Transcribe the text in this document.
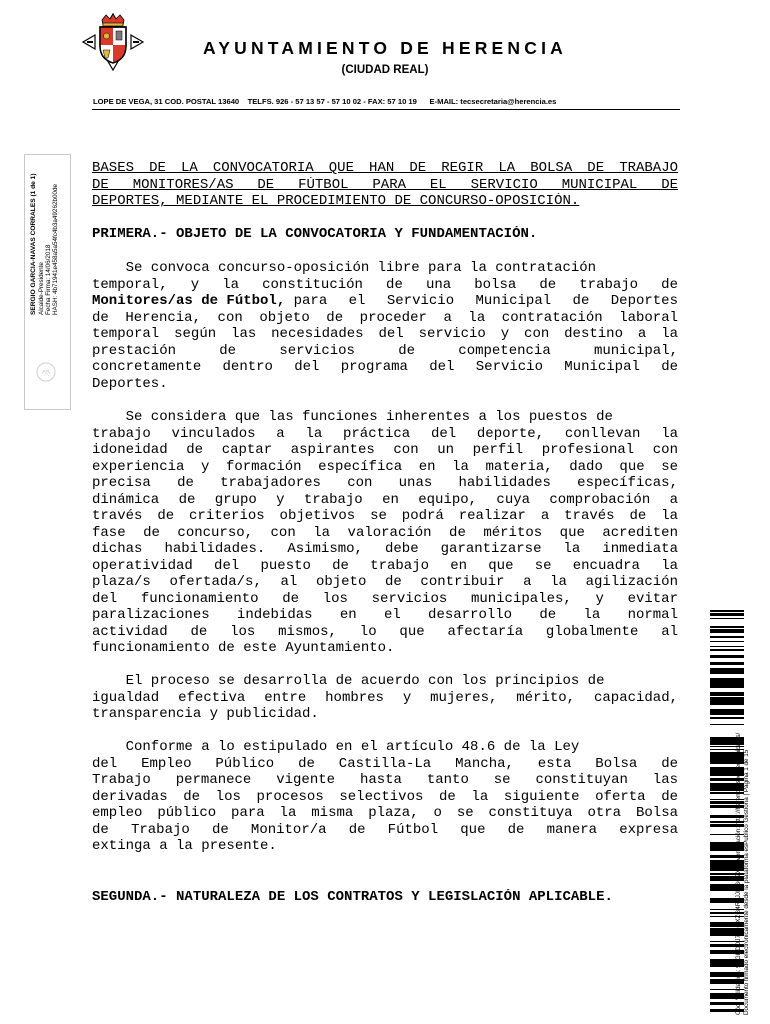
AYUNTAMIENTO DE HERENCIA
(CIUDAD REAL)
LOPE DE VEGA, 31 COD. POSTAL 13640    TELFS. 926 - 57 13 57 - 57 10 02 - FAX: 57 10 19      E-MAIL: tecsecretaria@herencia.es
SERGIO GARCIA-NAVAS CORRALES (1 de 1) Alcalde-Presidente Fecha Firma: 14/06/2018 HASH: 4b71941e458a5a54fc4b3a49262b00de
Cód. Validación: 9KGHDDJ7ZLGXZG4R9JJMGG7XJ | Verificación: http://herencia.sedelectronica.es/ Documento firmado electrónicamente desde la plataforma esPublico Gestiona | Página 1 de 15
BASES DE LA CONVOCATORIA QUE HAN DE REGIR LA BOLSA DE TRABAJO
DE MONITORES/AS DE FÚTBOL PARA EL SERVICIO MUNICIPAL DE
DEPORTES, MEDIANTE EL PROCEDIMIENTO DE CONCURSO-OPOSICIÓN.
PRIMERA.- OBJETO DE LA CONVOCATORIA Y FUNDAMENTACIÓN.
Se convoca concurso-oposición libre para la contratación
temporal, y la constitución de una bolsa de trabajo de
Monitores/as de Fútbol, para el Servicio Municipal de Deportes
de Herencia, con objeto de proceder a la contratación laboral
temporal según las necesidades del servicio y con destino a la
prestación de servicios de competencia municipal,
concretamente dentro del programa del Servicio Municipal de
Deportes.
Se considera que las funciones inherentes a los puestos de
trabajo vinculados a la práctica del deporte, conllevan la
idoneidad de captar aspirantes con un perfil profesional con
experiencia y formación específica en la materia, dado que se
precisa de trabajadores con unas habilidades específicas,
dinámica de grupo y trabajo en equipo, cuya comprobación a
través de criterios objetivos se podrá realizar a través de la
fase de concurso, con la valoración de méritos que acrediten
dichas habilidades. Asimismo, debe garantizarse la inmediata
operatividad del puesto de trabajo en que se encuadra la
plaza/s ofertada/s, al objeto de contribuir a la agilización
del funcionamiento de los servicios municipales, y evitar
paralizaciones indebidas en el desarrollo de la normal
actividad de los mismos, lo que afectaría globalmente al
funcionamiento de este Ayuntamiento.
El proceso se desarrolla de acuerdo con los principios de
igualdad efectiva entre hombres y mujeres, mérito, capacidad,
transparencia y publicidad.
Conforme a lo estipulado en el artículo 48.6 de la Ley
del Empleo Público de Castilla-La Mancha, esta Bolsa de
Trabajo permanece vigente hasta tanto se constituyan las
derivadas de los procesos selectivos de la siguiente oferta de
empleo público para la misma plaza, o se constituya otra Bolsa
de Trabajo de Monitor/a de Fútbol que de manera expresa
extinga a la presente.
SEGUNDA.- NATURALEZA DE LOS CONTRATOS Y LEGISLACIÓN APLICABLE.
